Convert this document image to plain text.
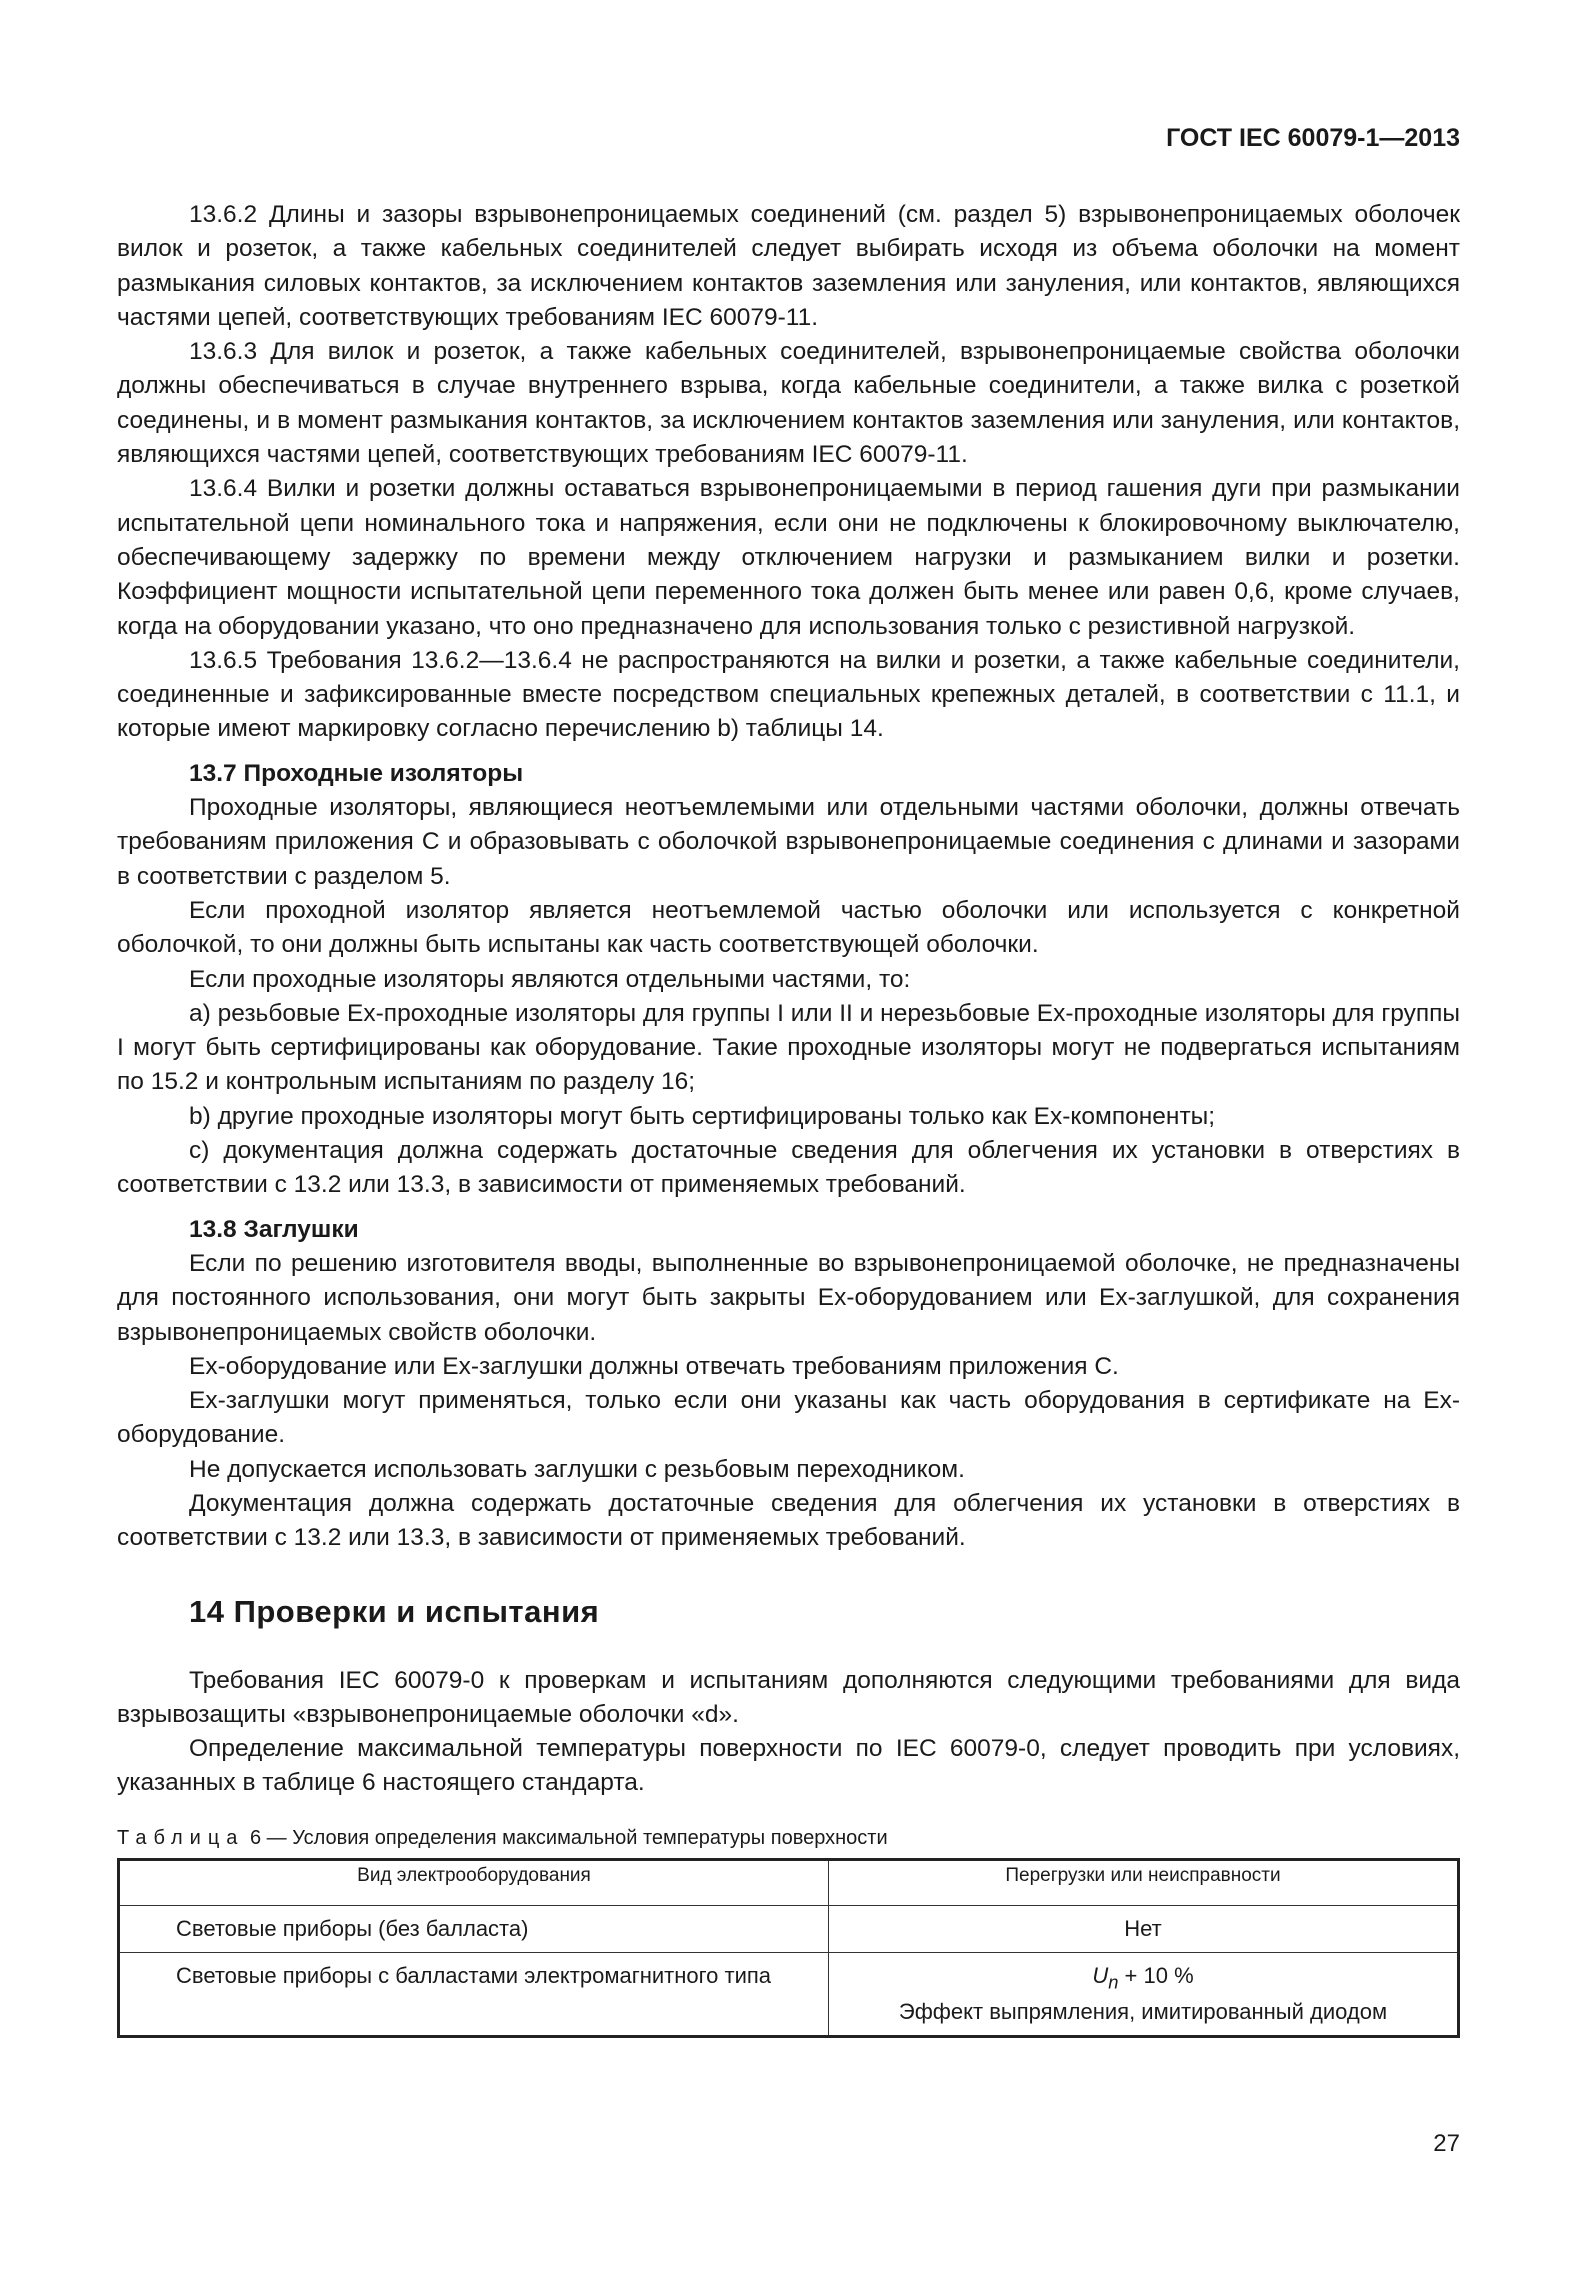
ГОСТ IEC 60079-1—2013

13.6.2 Длины и зазоры взрывонепроницаемых соединений (см. раздел 5) взрывонепроницаемых оболочек вилок и розеток, а также кабельных соединителей следует выбирать исходя из объема оболочки на момент размыкания силовых контактов, за исключением контактов заземления или зануления, или контактов, являющихся частями цепей, соответствующих требованиям IEC 60079-11.

13.6.3 Для вилок и розеток, а также кабельных соединителей, взрывонепроницаемые свойства оболочки должны обеспечиваться в случае внутреннего взрыва, когда кабельные соединители, а также вилка с розеткой соединены, и в момент размыкания контактов, за исключением контактов заземления или зануления, или контактов, являющихся частями цепей, соответствующих требованиям IEC 60079-11.

13.6.4 Вилки и розетки должны оставаться взрывонепроницаемыми в период гашения дуги при размыкании испытательной цепи номинального тока и напряжения, если они не подключены к блокировочному выключателю, обеспечивающему задержку по времени между отключением нагрузки и размыканием вилки и розетки. Коэффициент мощности испытательной цепи переменного тока должен быть менее или равен 0,6, кроме случаев, когда на оборудовании указано, что оно предназначено для использования только с резистивной нагрузкой.

13.6.5 Требования 13.6.2—13.6.4 не распространяются на вилки и розетки, а также кабельные соединители, соединенные и зафиксированные вместе посредством специальных крепежных деталей, в соответствии с 11.1, и которые имеют маркировку согласно перечислению b) таблицы 14.

13.7 Проходные изоляторы

Проходные изоляторы, являющиеся неотъемлемыми или отдельными частями оболочки, должны отвечать требованиям приложения С и образовывать с оболочкой взрывонепроницаемые соединения с длинами и зазорами в соответствии с разделом 5.

Если проходной изолятор является неотъемлемой частью оболочки или используется с конкретной оболочкой, то они должны быть испытаны как часть соответствующей оболочки.

Если проходные изоляторы являются отдельными частями, то:

a) резьбовые Ex-проходные изоляторы для группы I или II и нерезьбовые Ex-проходные изоляторы для группы I могут быть сертифицированы как оборудование. Такие проходные изоляторы могут не подвергаться испытаниям по 15.2 и контрольным испытаниям по разделу 16;

b) другие проходные изоляторы могут быть сертифицированы только как Ex-компоненты;

c) документация должна содержать достаточные сведения для облегчения их установки в отверстиях в соответствии с 13.2 или 13.3, в зависимости от применяемых требований.

13.8 Заглушки

Если по решению изготовителя вводы, выполненные во взрывонепроницаемой оболочке, не предназначены для постоянного использования, они могут быть закрыты Ex-оборудованием или Ex-заглушкой, для сохранения взрывонепроницаемых свойств оболочки.

Ex-оборудование или Ex-заглушки должны отвечать требованиям приложения С.

Ex-заглушки могут применяться, только если они указаны как часть оборудования в сертификате на Ex-оборудование.

Не допускается использовать заглушки с резьбовым переходником.

Документация должна содержать достаточные сведения для облегчения их установки в отверстиях в соответствии с 13.2 или 13.3, в зависимости от применяемых требований.

14 Проверки и испытания

Требования IEC 60079-0 к проверкам и испытаниям дополняются следующими требованиями для вида взрывозащиты «взрывонепроницаемые оболочки «d».

Определение максимальной температуры поверхности по IEC 60079-0, следует проводить при условиях, указанных в таблице 6 настоящего стандарта.

Таблица 6 — Условия определения максимальной температуры поверхности
Вид электрооборудования	Перегрузки или неисправности
Световые приборы (без балласта)	Нет
Световые приборы с балластами электромагнитного типа	$U_n + 10$ %
Эффект выпрямления, имитированный диодом
27
